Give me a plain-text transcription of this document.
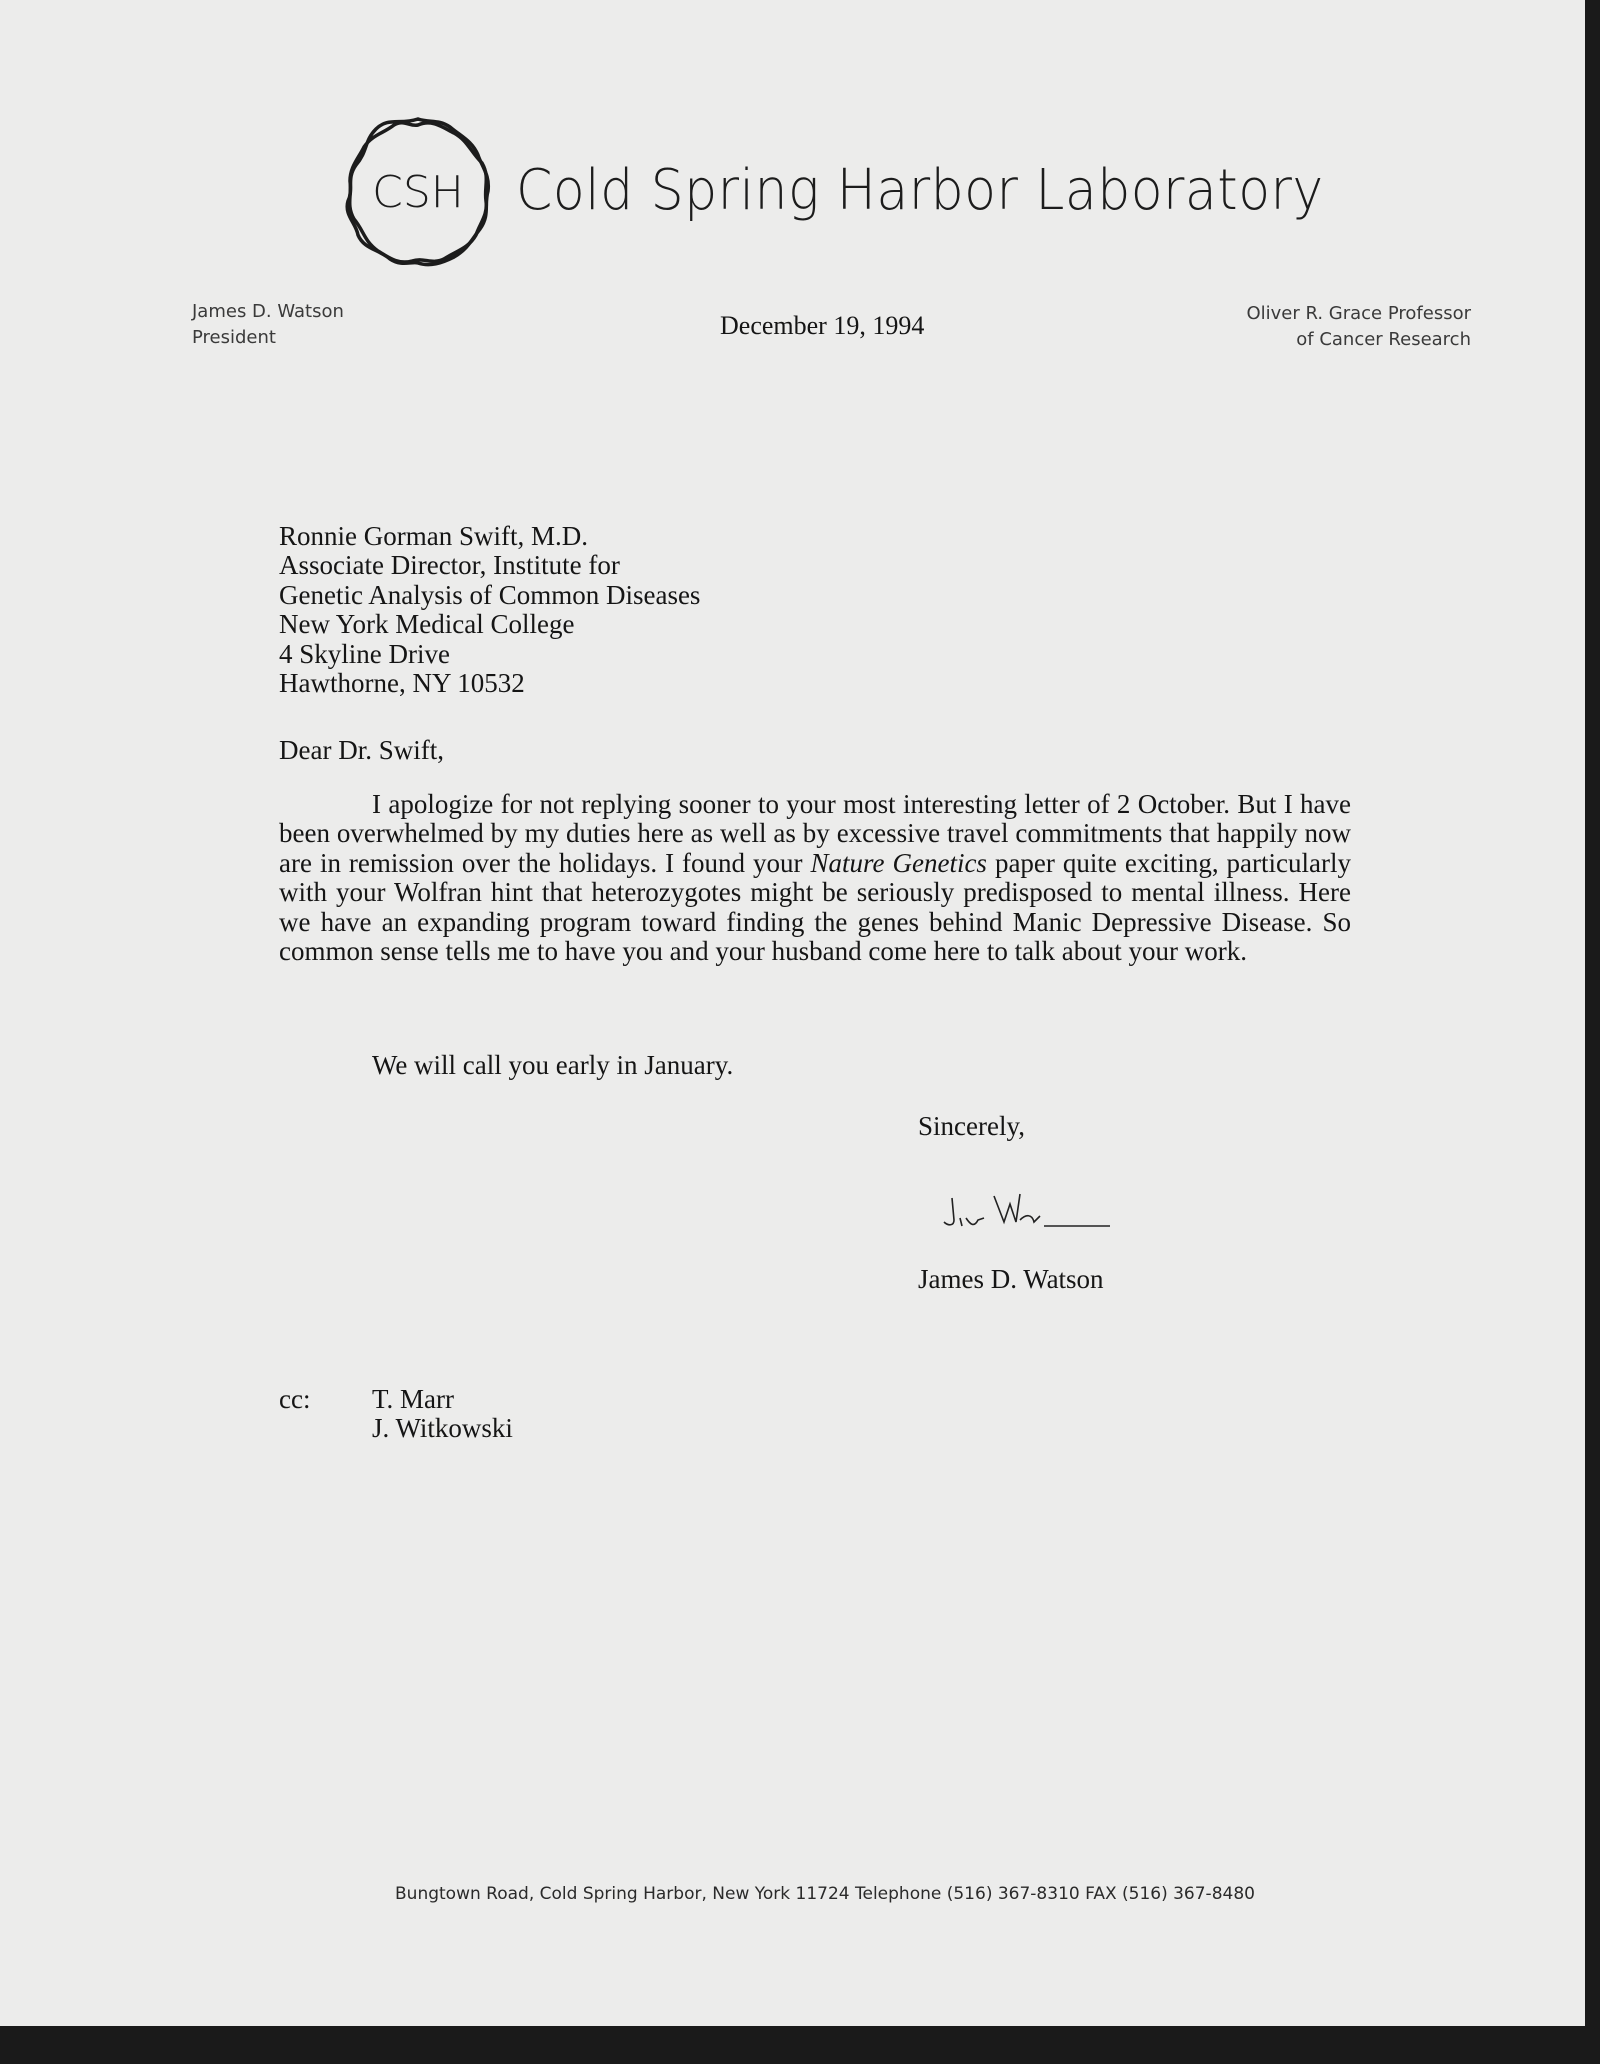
CSH Cold Spring Harbor Laboratory
James D. Watson
President
Oliver R. Grace Professor
of Cancer Research
December 19, 1994
Ronnie Gorman Swift, M.D.
Associate Director, Institute for
Genetic Analysis of Common Diseases
New York Medical College
4 Skyline Drive
Hawthorne, NY 10532
Dear Dr. Swift,
I apologize for not replying sooner to your most interesting letter of 2 October. But I have been overwhelmed by my duties here as well as by excessive travel commitments that happily now are in remission over the holidays. I found your Nature Genetics paper quite exciting, particularly with your Wolfran hint that heterozygotes might be seriously predisposed to mental illness. Here we have an expanding program toward finding the genes behind Manic Depressive Disease. So common sense tells me to have you and your husband come here to talk about your work.
We will call you early in January.
Sincerely,
James D. Watson
cc: T. Marr
J. Witkowski
Bungtown Road, Cold Spring Harbor, New York 11724 Telephone (516) 367-8310 FAX (516) 367-8480
